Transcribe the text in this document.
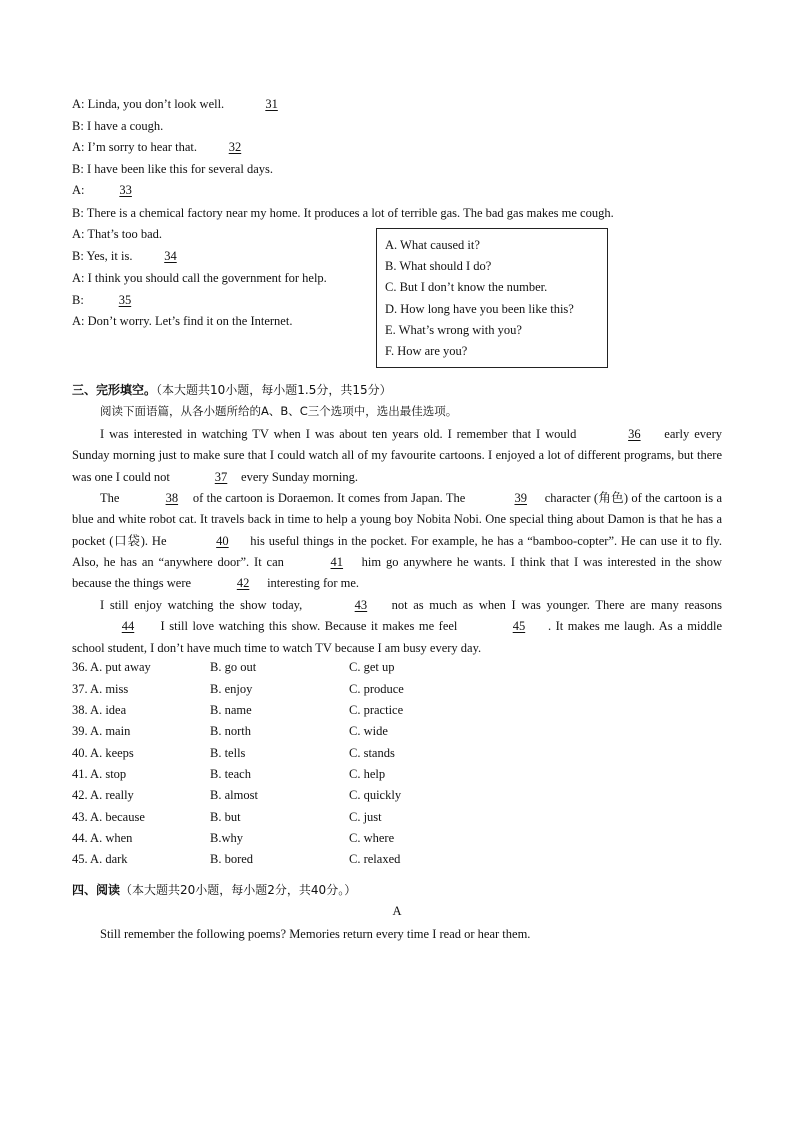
A: Linda, you don’t look well.	31
B: I have a cough.
A: I’m sorry to hear that.	32
B: I have been like this for several days.
A:	33
B: There is a chemical factory near my home. It produces a lot of terrible gas. The bad gas makes me cough.
A: That’s too bad.
B: Yes, it is.	34
A: I think you should call the government for help.
B:	35
A: Don’t worry. Let’s find it on the Internet.
A. What caused it?
B. What should I do?
C. But I don’t know the number.
D. How long have you been like this?
E. What’s wrong with you?
F. How are you?
三、完形填空。（本大题共10小题，每小题1.5分，共15分）
阅读下面语篇，从各小题所给的A、B、C三个选项中，选出最佳选项。
I was interested in watching TV when I was about ten years old. I remember that I would	36 early every Sunday morning just to make sure that I could watch all of my favourite cartoons. I enjoyed a lot of different programs, but there was one I could not	37 every Sunday morning.
The	38 of the cartoon is Doraemon. It comes from Japan. The	39 character (角色) of the cartoon is a blue and white robot cat. It travels back in time to help a young boy Nobita Nobi. One special thing about Damon is that he has a pocket (口袋). He	40 his useful things in the pocket. For example, he has a “bamboo-copter”. He can use it to fly. Also, he has an “anywhere door”. It can	41 him go anywhere he wants. I think that I was interested in the show because the things were	42 interesting for me.
I still enjoy watching the show today,	43 not as much as when I was younger. There are many reasons 44 I still love watching this show. Because it makes me feel	45 . It makes me laugh. As a middle school student, I don’t have much time to watch TV because I am busy every day.
36. A. put away	B. go out	C. get up
37. A. miss	B. enjoy	C. produce
38. A. idea	B. name	C. practice
39. A. main	B. north	C. wide
40. A. keeps	B. tells	C. stands
41. A. stop	B. teach	C. help
42. A. really	B. almost	C. quickly
43. A. because	B. but	C. just
44. A. when	B.why	C. where
45. A. dark	B. bored	C. relaxed
四、阅读（本大题共20小题，每小题2分，共40分。）
A
Still remember the following poems? Memories return every time I read or hear them.
